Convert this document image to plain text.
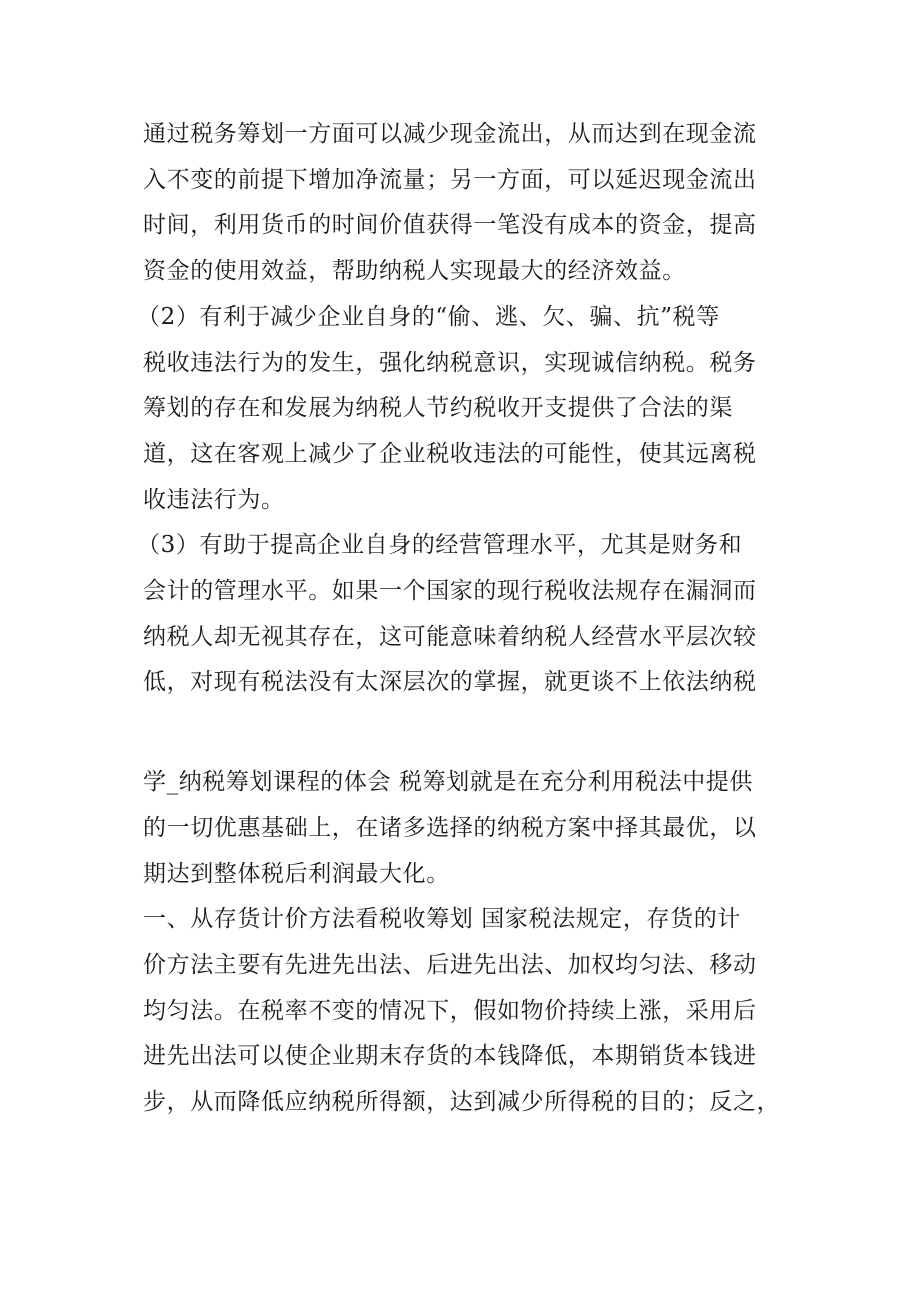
通过税务筹划一方面可以减少现金流出，从而达到在现金流
入不变的前提下增加净流量；另一方面，可以延迟现金流出
时间，利用货币的时间价值获得一笔没有成本的资金，提高
资金的使用效益，帮助纳税人实现最大的经济效益。

（2）有利于减少企业自身的“偷、逃、欠、骗、抗”税等
税收违法行为的发生，强化纳税意识，实现诚信纳税。税务
筹划的存在和发展为纳税人节约税收开支提供了合法的渠
道，这在客观上减少了企业税收违法的可能性，使其远离税
收违法行为。

（3）有助于提高企业自身的经营管理水平，尤其是财务和
会计的管理水平。如果一个国家的现行税收法规存在漏洞而
纳税人却无视其存在，这可能意味着纳税人经营水平层次较
低，对现有税法没有太深层次的掌握，就更谈不上依法纳税

学_纳税筹划课程的体会 税筹划就是在充分利用税法中提供
的一切优惠基础上，在诸多选择的纳税方案中择其最优，以
期达到整体税后利润最大化。

一、从存货计价方法看税收筹划 国家税法规定，存货的计
价方法主要有先进先出法、后进先出法、加权均匀法、移动
均匀法。在税率不变的情况下，假如物价持续上涨，采用后
进先出法可以使企业期末存货的本钱降低，本期销货本钱进
步，从而降低应纳税所得额，达到减少所得税的目的；反之，
